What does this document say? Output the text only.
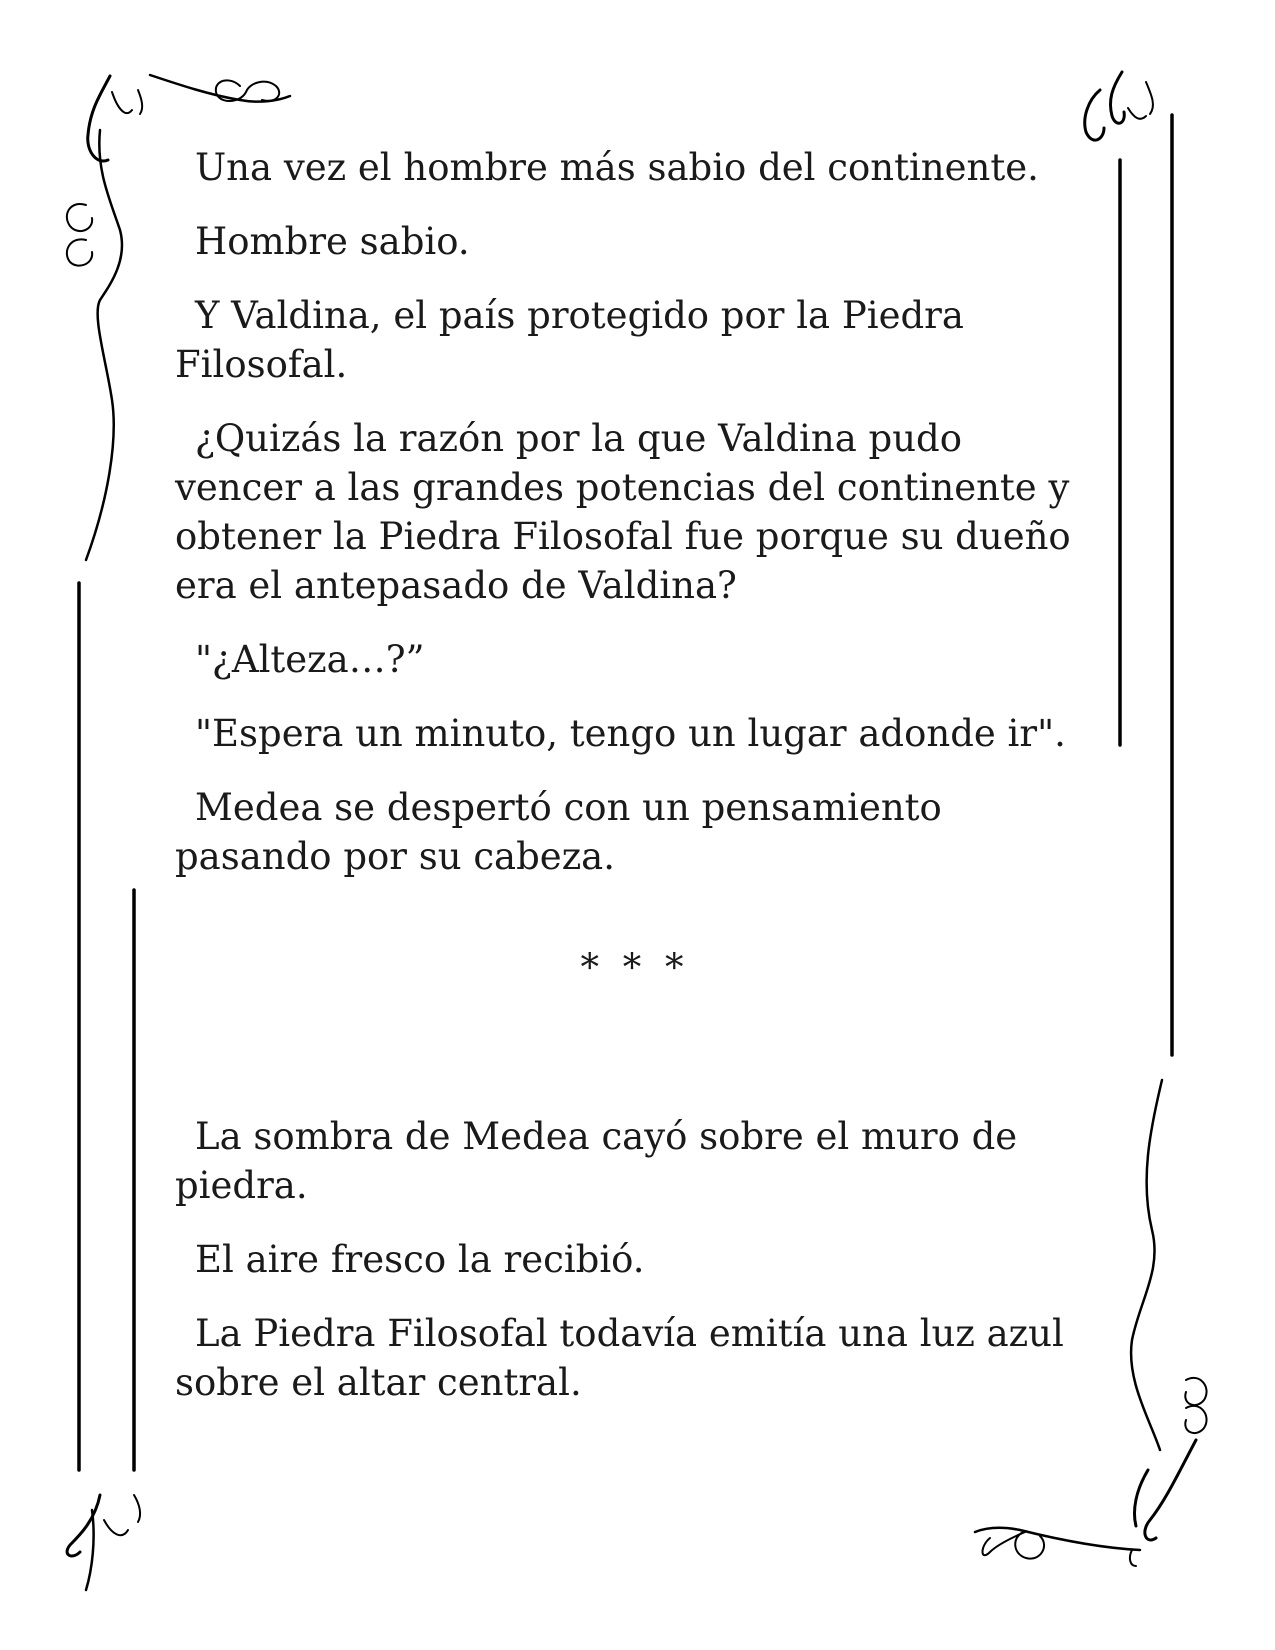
Una vez el hombre más sabio del continente.

Hombre sabio.

Y Valdina, el país protegido por la Piedra Filosofal.

¿Quizás la razón por la que Valdina pudo vencer a las grandes potencias del continente y obtener la Piedra Filosofal fue porque su dueño era el antepasado de Valdina?

"¿Alteza…?”

"Espera un minuto, tengo un lugar adonde ir".

Medea se despertó con un pensamiento pasando por su cabeza.

* * *

La sombra de Medea cayó sobre el muro de piedra.

El aire fresco la recibió.

La Piedra Filosofal todavía emitía una luz azul sobre el altar central.
